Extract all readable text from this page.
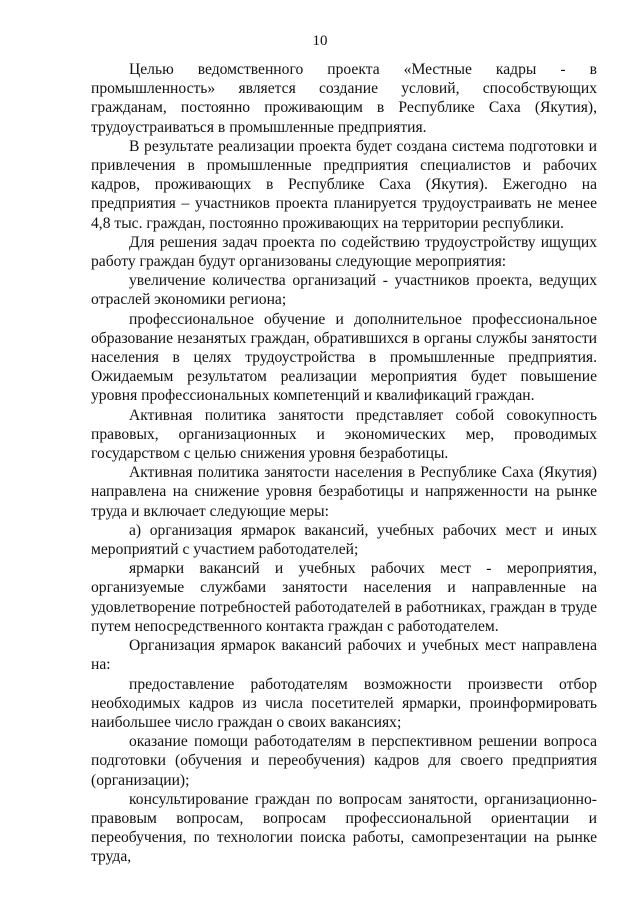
10

Целью ведомственного проекта «Местные кадры - в промышленность» является создание условий, способствующих гражданам, постоянно проживающим в Республике Саха (Якутия), трудоустраиваться в промышленные предприятия.

В результате реализации проекта будет создана система подготовки и привлечения в промышленные предприятия специалистов и рабочих кадров, проживающих в Республике Саха (Якутия). Ежегодно на предприятия – участников проекта планируется трудоустраивать не менее 4,8 тыс. граждан, постоянно проживающих на территории республики.

Для решения задач проекта по содействию трудоустройству ищущих работу граждан будут организованы следующие мероприятия:

увеличение количества организаций - участников проекта, ведущих отраслей экономики региона;

профессиональное обучение и дополнительное профессиональное образование незанятых граждан, обратившихся в органы службы занятости населения в целях трудоустройства в промышленные предприятия. Ожидаемым результатом реализации мероприятия будет повышение уровня профессиональных компетенций и квалификаций граждан.

Активная политика занятости представляет собой совокупность правовых, организационных и экономических мер, проводимых государством с целью снижения уровня безработицы.

Активная политика занятости населения в Республике Саха (Якутия) направлена на снижение уровня безработицы и напряженности на рынке труда и включает следующие меры:

а) организация ярмарок вакансий, учебных рабочих мест и иных мероприятий с участием работодателей;

ярмарки вакансий и учебных рабочих мест - мероприятия, организуемые службами занятости населения и направленные на удовлетворение потребностей работодателей в работниках, граждан в труде путем непосредственного контакта граждан с работодателем.

Организация ярмарок вакансий рабочих и учебных мест направлена на:

предоставление работодателям возможности произвести отбор необходимых кадров из числа посетителей ярмарки, проинформировать наибольшее число граждан о своих вакансиях;

оказание помощи работодателям в перспективном решении вопроса подготовки (обучения и переобучения) кадров для своего предприятия (организации);

консультирование граждан по вопросам занятости, организационно-правовым вопросам, вопросам профессиональной ориентации и переобучения, по технологии поиска работы, самопрезентации на рынке труда,
